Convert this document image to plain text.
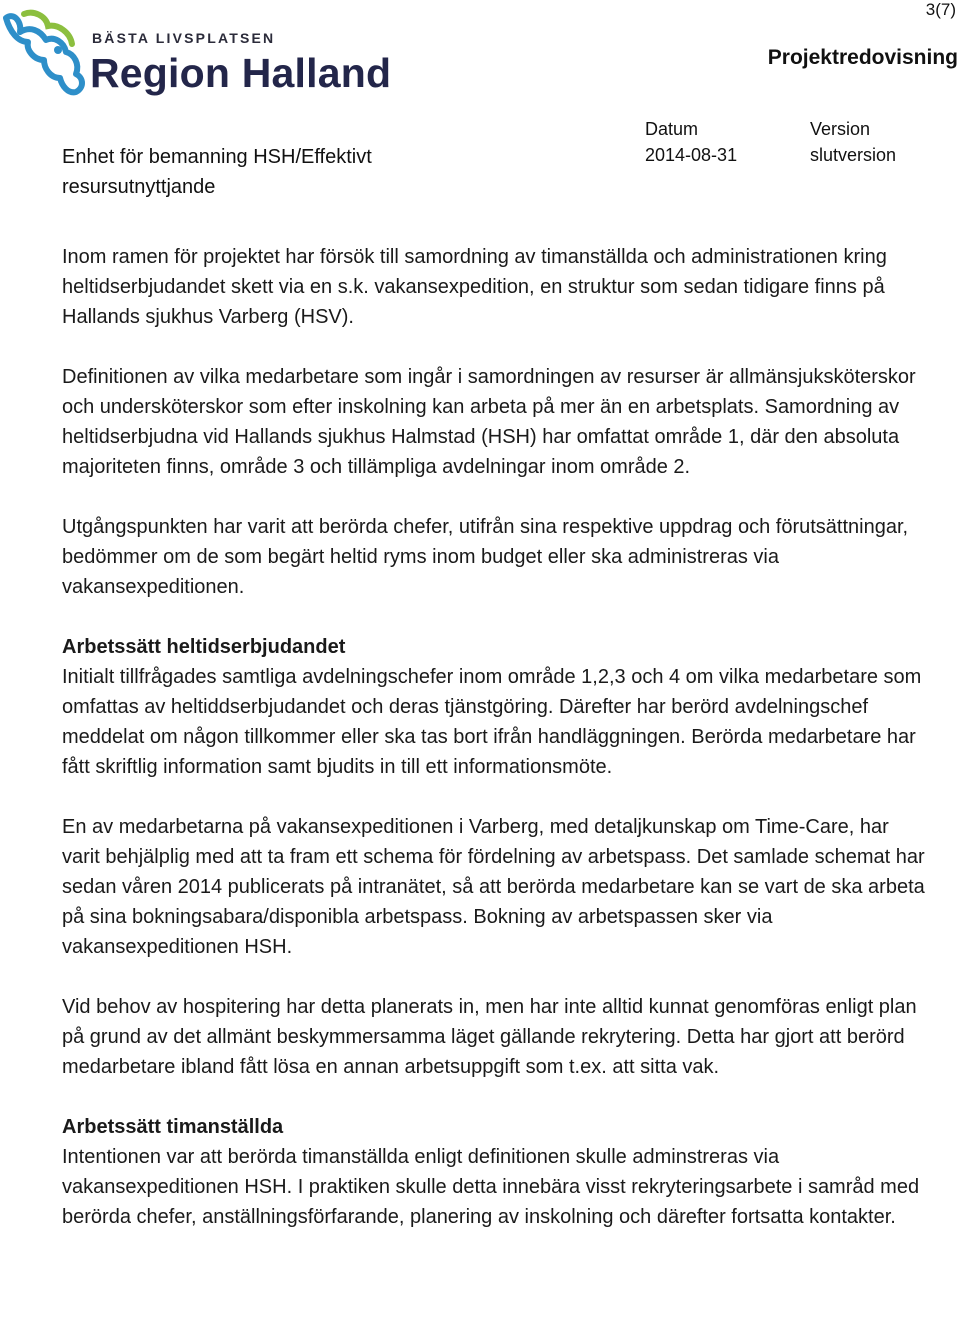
3(7)
BÄSTA LIVSPLATSEN
Region Halland	Projektredovisning
Enhet för bemanning HSH/Effektivt resursutnyttjande
Datum
2014-08-31
Version
slutversion

Inom ramen för projektet har försök till samordning av timanställda och administrationen kring heltidserbjudandet skett via en s.k. vakansexpedition, en struktur som sedan tidigare finns på Hallands sjukhus Varberg (HSV).

Definitionen av vilka medarbetare som ingår i samordningen av resurser är allmänsjuksköterskor och undersköterskor som efter inskolning kan arbeta på mer än en arbetsplats. Samordning av heltidserbjudna vid Hallands sjukhus Halmstad (HSH) har omfattat område 1, där den absoluta majoriteten finns, område 3 och tillämpliga avdelningar inom område 2.

Utgångspunkten har varit att berörda chefer, utifrån sina respektive uppdrag och förutsättningar, bedömmer om de som begärt heltid ryms inom budget eller ska administreras via vakansexpeditionen.

Arbetssätt heltidserbjudandet

Initialt tillfrågades samtliga avdelningschefer inom område 1,2,3 och 4 om vilka medarbetare som omfattas av heltiddserbjudandet och deras tjänstgöring. Därefter har berörd avdelningschef meddelat om någon tillkommer eller ska tas bort ifrån handläggningen. Berörda medarbetare har fått skriftlig information samt bjudits in till ett informationsmöte.

En av medarbetarna på vakansexpeditionen i Varberg, med detaljkunskap om Time-Care, har varit behjälplig med att ta fram ett schema för fördelning av arbetspass. Det samlade schemat har sedan våren 2014 publicerats på intranätet, så att berörda medarbetare kan se vart de ska arbeta på sina bokningsabara/disponibla arbetspass. Bokning av arbetspassen sker via vakansexpeditionen HSH.

Vid behov av hospitering har detta planerats in, men har inte alltid kunnat genomföras enligt plan på grund av det allmänt beskymmersamma läget gällande rekrytering. Detta har gjort att berörd medarbetare ibland fått lösa en annan arbetsuppgift som t.ex. att sitta vak.

Arbetssätt timanställda

Intentionen var att berörda timanställda enligt definitionen skulle adminstreras via vakansexpeditionen HSH. I praktiken skulle detta innebära visst rekryteringsarbete i samråd med berörda chefer, anställningsförfarande, planering av inskolning och därefter fortsatta kontakter.
